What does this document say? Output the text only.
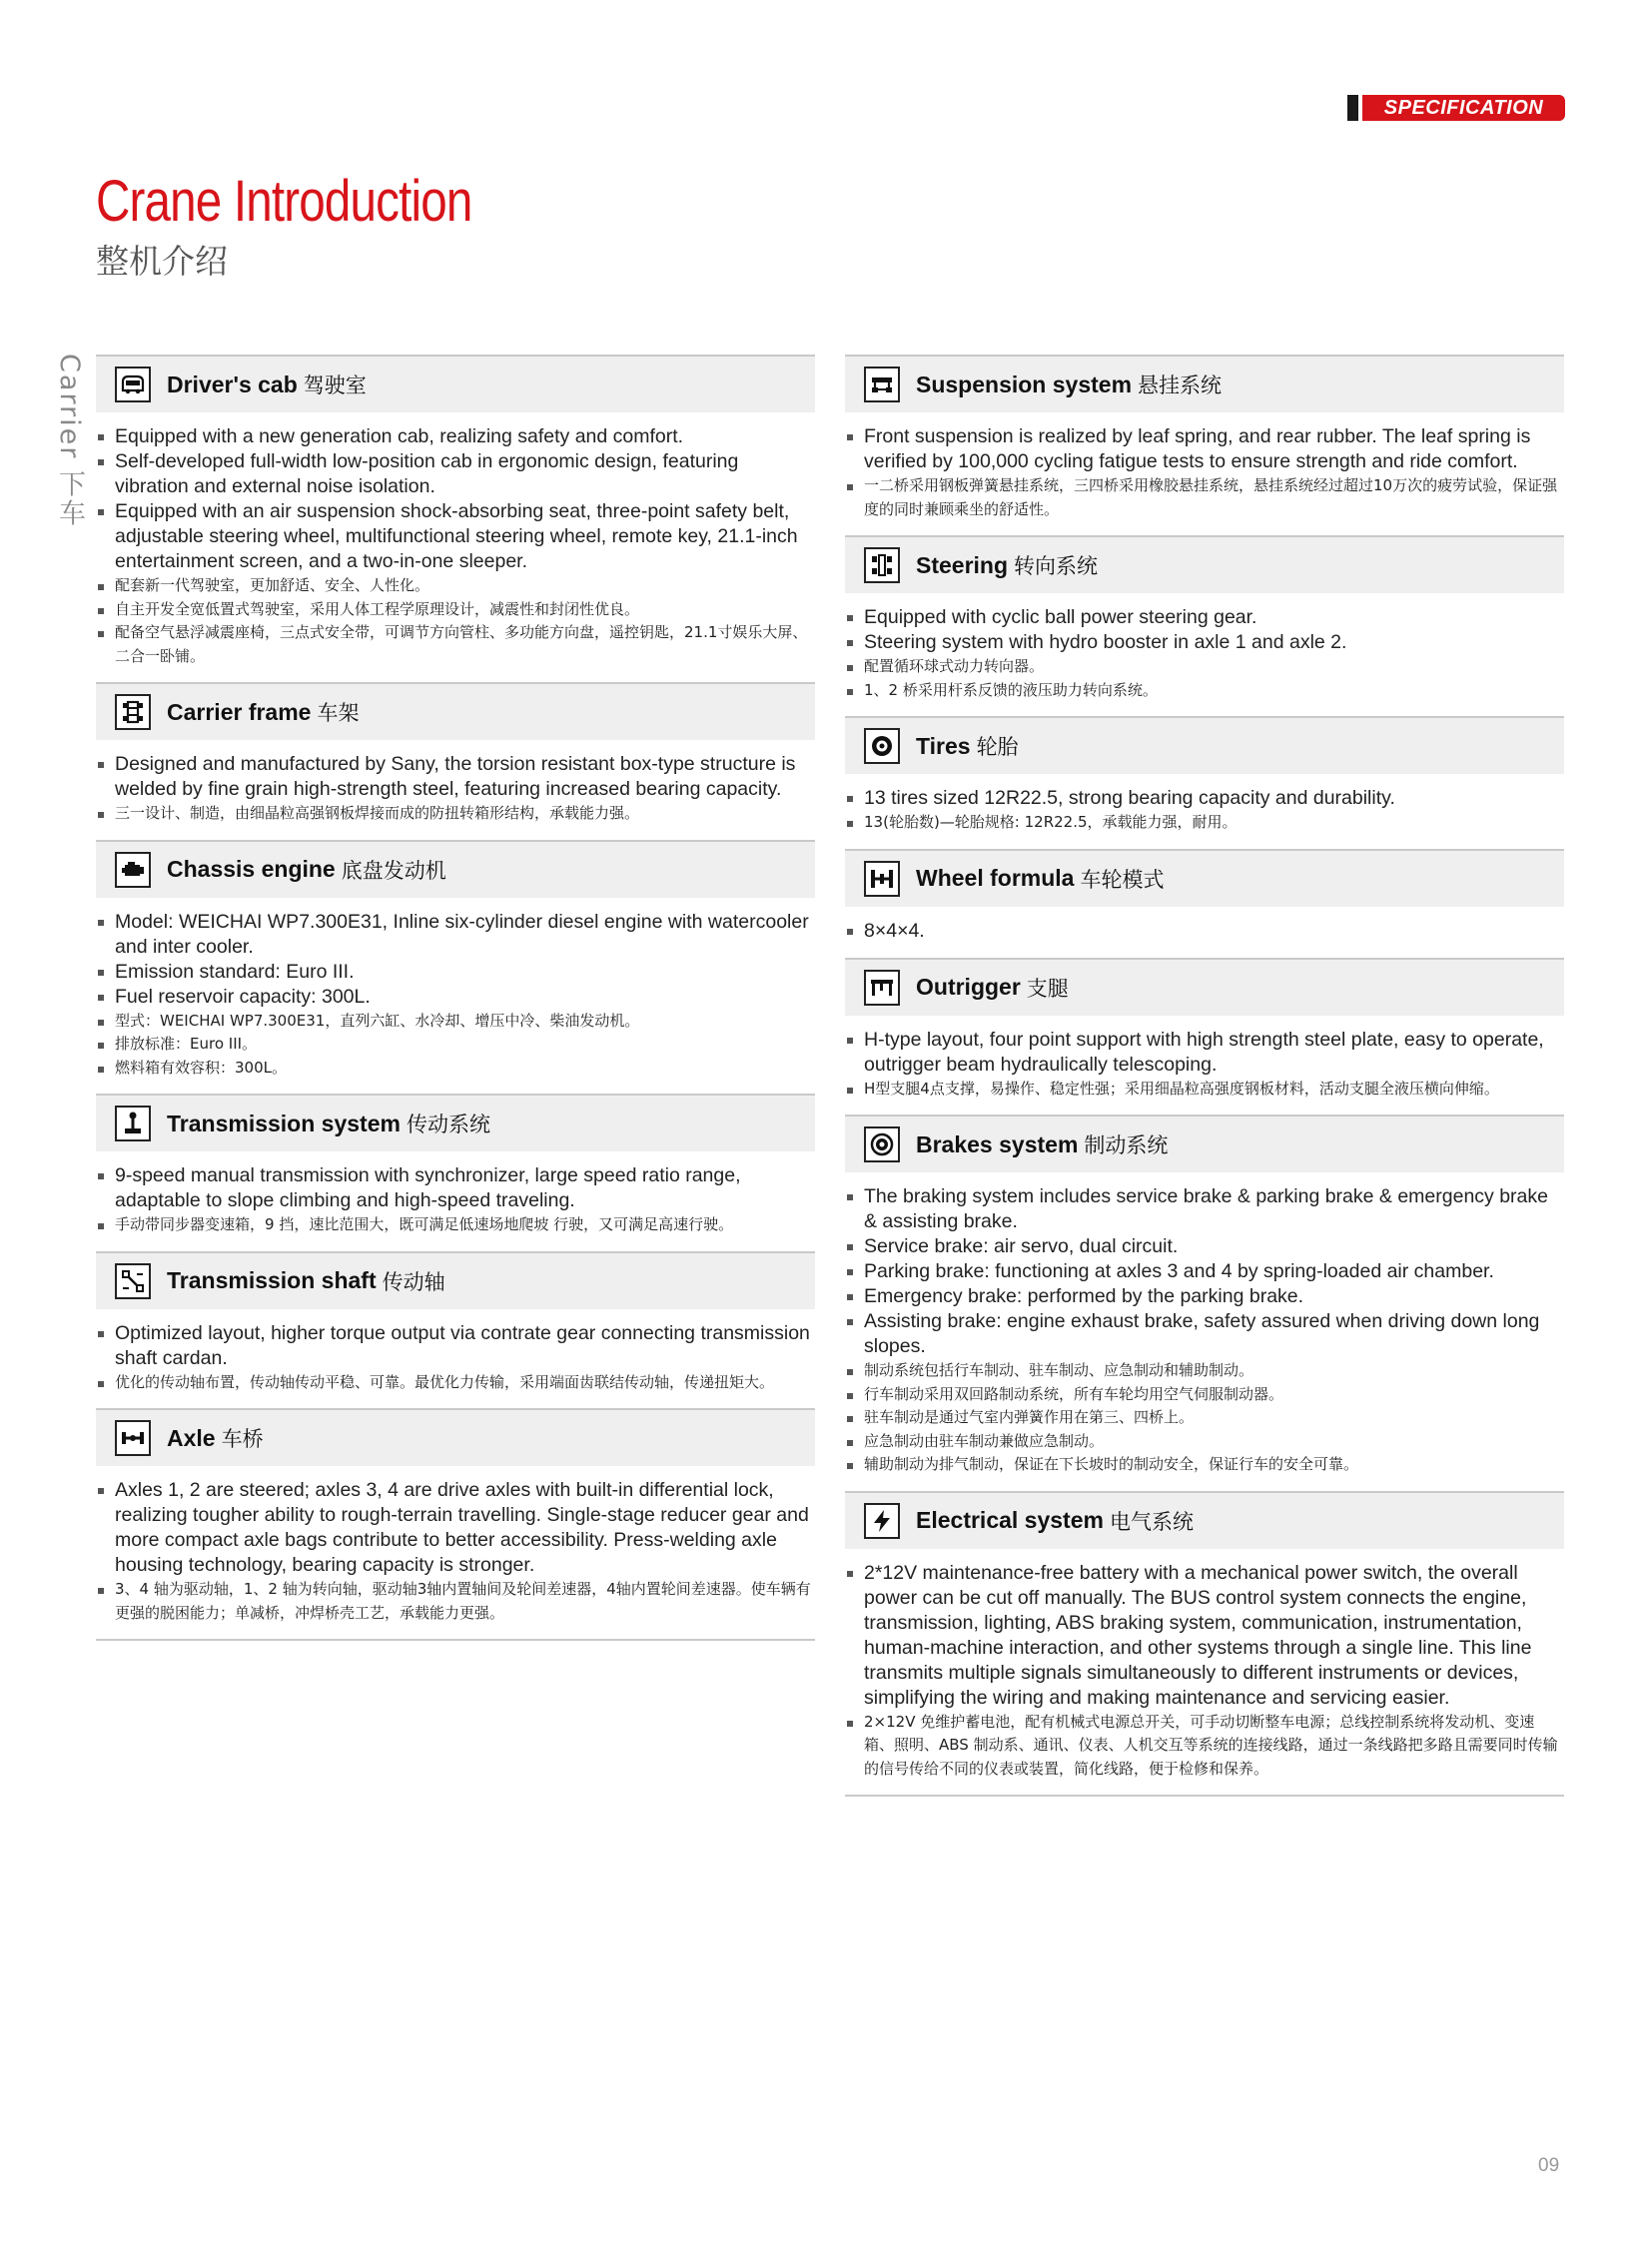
SPECIFICATION
Crane Introduction
整机介绍
Carrier 下车	Driver's cab 驾驶室
Equipped with a new generation cab, realizing safety and comfort.
Self-developed full-width low-position cab in ergonomic design, featuring vibration and external noise isolation.
Equipped with an air suspension shock-absorbing seat, three-point safety belt, adjustable steering wheel, multifunctional steering wheel, remote key, 21.1-inch entertainment screen, and a two-in-one sleeper.
配套新一代驾驶室，更加舒适、安全、人性化。
自主开发全宽低置式驾驶室，采用人体工程学原理设计，减震性和封闭性优良。
配备空气悬浮减震座椅，三点式安全带，可调节方向管柱、多功能方向盘，遥控钥匙，21.1寸娱乐大屏、二合一卧铺。
Carrier frame 车架
Designed and manufactured by Sany, the torsion resistant box-type structure is welded by fine grain high-strength steel, featuring increased bearing capacity.
三一设计、制造，由细晶粒高强钢板焊接而成的防扭转箱形结构，承载能力强。
Chassis engine 底盘发动机
Model: WEICHAI WP7.300E31, Inline six-cylinder diesel engine with watercooler and inter cooler.
Emission standard: Euro III.
Fuel reservoir capacity: 300L.
型式：WEICHAI WP7.300E31，直列六缸、水冷却、增压中冷、柴油发动机。
排放标准：Euro III。
燃料箱有效容积：300L。
Transmission system 传动系统
9-speed manual transmission with synchronizer, large speed ratio range, adaptable to slope climbing and high-speed traveling.
手动带同步器变速箱，9 挡，速比范围大，既可满足低速场地爬坡 行驶，又可满足高速行驶。
Transmission shaft 传动轴
Optimized layout, higher torque output via contrate gear connecting transmission shaft cardan.
优化的传动轴布置，传动轴传动平稳、可靠。最优化力传输，采用端面齿联结传动轴，传递扭矩大。
Axle 车桥
Axles 1, 2 are steered; axles 3, 4 are drive axles with built-in differential lock, realizing tougher ability to rough-terrain travelling. Single-stage reducer gear and more compact axle bags contribute to better accessibility. Press-welding axle housing technology, bearing capacity is stronger.
3、4 轴为驱动轴，1、2 轴为转向轴，驱动轴3轴内置轴间及轮间差速器，4轴内置轮间差速器。使车辆有更强的脱困能力；单减桥，冲焊桥壳工艺，承载能力更强。
Suspension system 悬挂系统
Front suspension is realized by leaf spring, and rear rubber. The leaf spring is verified by 100,000 cycling fatigue tests to ensure strength and ride comfort.
一二桥采用钢板弹簧悬挂系统，三四桥采用橡胶悬挂系统，悬挂系统经过超过10万次的疲劳试验，保证强度的同时兼顾乘坐的舒适性。
Steering 转向系统
Equipped with cyclic ball power steering gear.
Steering system with hydro booster in axle 1 and axle 2.
配置循环球式动力转向器。
1、2 桥采用杆系反馈的液压助力转向系统。
Tires 轮胎
13 tires sized 12R22.5, strong bearing capacity and durability.
13(轮胎数)—轮胎规格: 12R22.5，承载能力强，耐用。
Wheel formula 车轮模式
8×4×4.
Outrigger 支腿
H-type layout, four point support with high strength steel plate, easy to operate, outrigger beam hydraulically telescoping.
H型支腿4点支撑，易操作、稳定性强；采用细晶粒高强度钢板材料，活动支腿全液压横向伸缩。
Brakes system 制动系统
The braking system includes service brake & parking brake & emergency brake & assisting brake.
Service brake: air servo, dual circuit.
Parking brake: functioning at axles 3 and 4 by spring-loaded air chamber.
Emergency brake: performed by the parking brake.
Assisting brake: engine exhaust brake, safety assured when driving down long slopes.
制动系统包括行车制动、驻车制动、应急制动和辅助制动。
行车制动采用双回路制动系统，所有车轮均用空气伺服制动器。
驻车制动是通过气室内弹簧作用在第三、四桥上。
应急制动由驻车制动兼做应急制动。
辅助制动为排气制动，保证在下长坡时的制动安全，保证行车的安全可靠。
Electrical system 电气系统
2*12V maintenance-free battery with a mechanical power switch, the overall power can be cut off manually. The BUS control system connects the engine, transmission, lighting, ABS braking system, communication, instrumentation, human-machine interaction, and other systems through a single line. This line transmits multiple signals simultaneously to different instruments or devices, simplifying the wiring and making maintenance and servicing easier.
2×12V 免维护蓄电池，配有机械式电源总开关，可手动切断整车电源；总线控制系统将发动机、变速箱、照明、ABS 制动系、通讯、仪表、人机交互等系统的连接线路，通过一条线路把多路且需要同时传输的信号传给不同的仪表或装置，简化线路，便于检修和保养。
09
